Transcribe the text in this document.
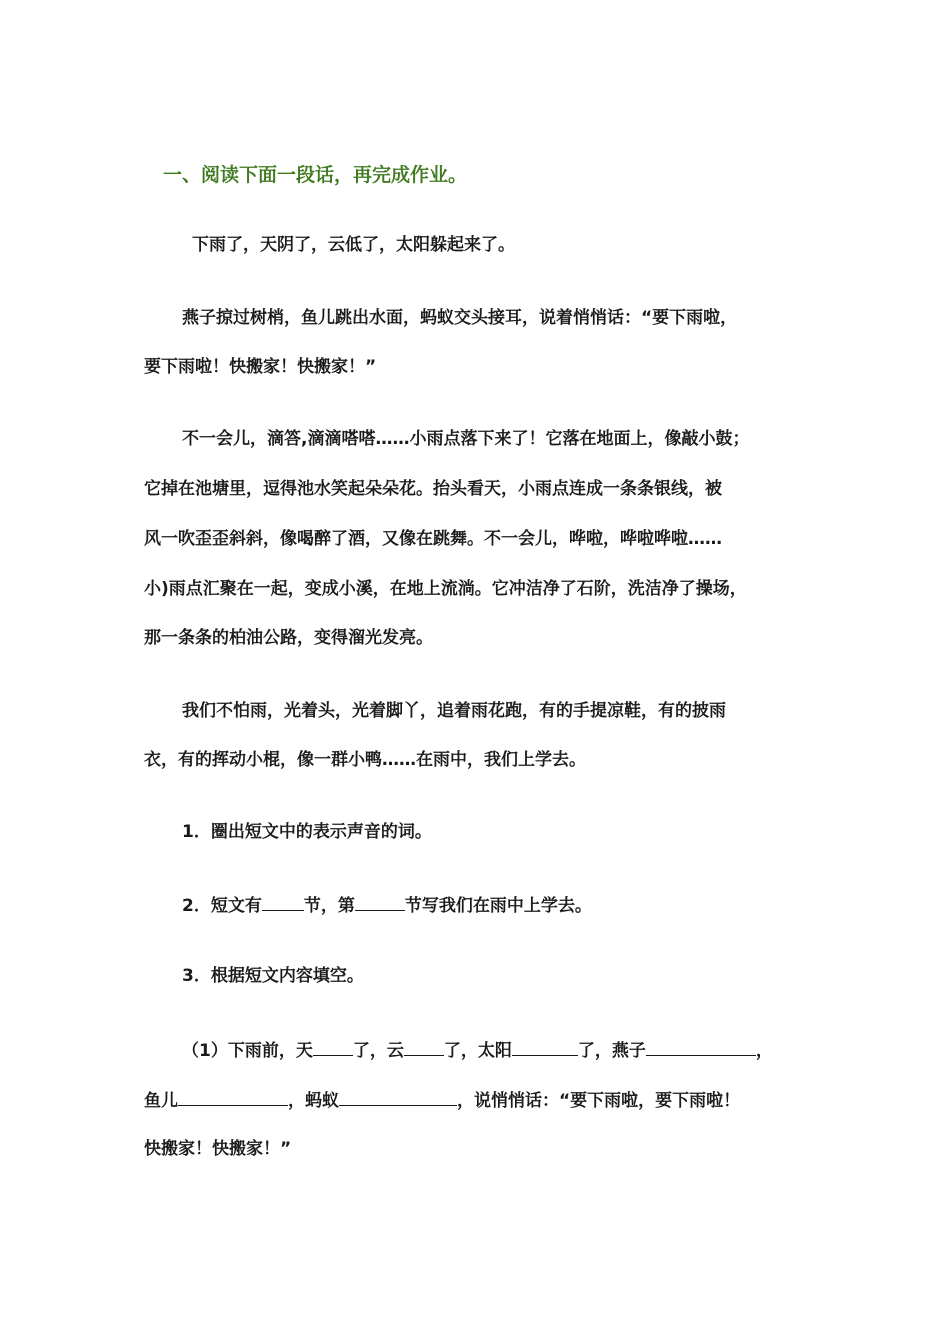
一、阅读下面一段话，再完成作业。
下雨了，天阴了，云低了，太阳躲起来了。
燕子掠过树梢，鱼儿跳出水面，蚂蚁交头接耳，说着悄悄话：“要下雨啦，
要下雨啦！快搬家！快搬家！”
不一会儿，滴答,滴滴嗒嗒……小雨点落下来了！它落在地面上，像敲小鼓；
它掉在池塘里，逗得池水笑起朵朵花。抬头看天，小雨点连成一条条银线，被
风一吹歪歪斜斜，像喝醉了酒，又像在跳舞。不一会儿，哗啦，哗啦哗啦……
小)雨点汇聚在一起，变成小溪，在地上流淌。它冲洁净了石阶，洗洁净了操场，
那一条条的柏油公路，变得溜光发亮。
我们不怕雨，光着头，光着脚丫，追着雨花跑，有的手提凉鞋，有的披雨
衣，有的挥动小棍，像一群小鸭……在雨中，我们上学去。
1．圈出短文中的表示声音的词。
2．短文有 节，第	节写我们在雨中上学去。
3．根据短文内容填空。
（1）下雨前，天 了，云 了，太阳	了，燕子	，
鱼儿	，蚂蚁	，说悄悄话：“要下雨啦，要下雨啦！
快搬家！快搬家！”
